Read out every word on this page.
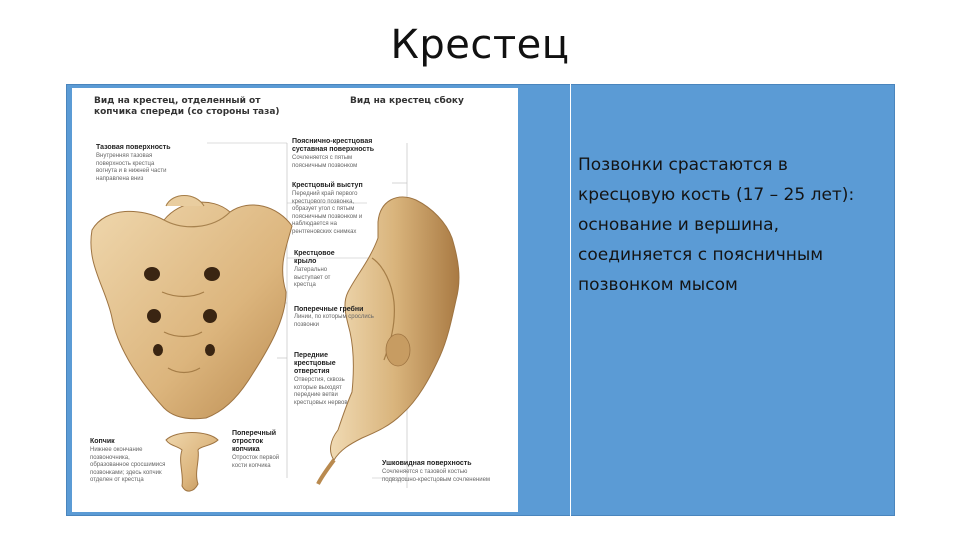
Крестец
Вид на крестец, отделенный от копчика спереди (со стороны таза)
Вид на крестец сбоку
Тазовая поверхность
Внутренняя тазовая поверхность крестца вогнута и в нижней части направлена вниз
Пояснично-крестцовая суставная поверхность
Сочленяется с пятым поясничным позвонком
Крестцовый выступ
Передний край первого крестцового позвонка, образует угол с пятым поясничным позвонком и наблюдается на рентгеновских снимках
Крестцовое крыло
Латерально выступает от крестца
Поперечные гребни
Линии, по которым срослись позвонки
Передние крестцовые отверстия
Отверстия, сквозь которые выходят передние ветви крестцовых нервов
Копчик
Нижнее окончание позвоночника, образованное сросшимися позвонками; здесь копчик отделен от крестца
Поперечный отросток копчика
Отросток первой кости копчика	Ушковидная поверхность
Сочленяется с тазовой костью подвздошно-крестцовым сочленением
Позвонки срастаются в кресцовую кость (17 – 25 лет): основание и вершина, соединяется с поясничным позвонком мысом
